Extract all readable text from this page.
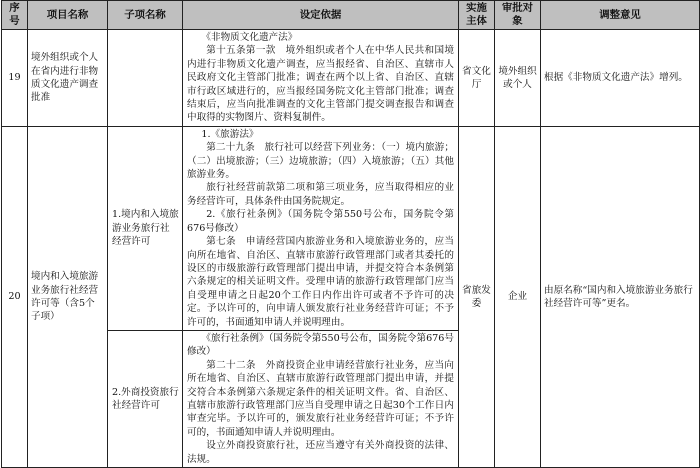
序号	项目名称	子项名称	设定依据	实施主体	审批对象	调整意见
19	境外组织或个人在省内进行非物质文化遗产调查批准		《非物质文化遗产法》
第十五条第一款　境外组织或者个人在中华人民共和国境内进行非物质文化遗产调查，应当报经省、自治区、直辖市人民政府文化主管部门批准；调查在两个以上省、自治区、直辖市行政区域进行的，应当报经国务院文化主管部门批准；调查结束后，应当向批准调查的文化主管部门提交调查报告和调查中取得的实物图片、资料复制件。	省文化厅	境外组织或个人	根据《非物质文化遗产法》增列。
20	境内和入境旅游业务旅行社经营许可等（含5个子项）	1.境内和入境旅游业务旅行社经营许可	1.《旅游法》
第二十九条　旅行社可以经营下列业务：（一）境内旅游；（二）出境旅游；（三）边境旅游；（四）入境旅游；（五）其他旅游业务。
旅行社经营前款第二项和第三项业务，应当取得相应的业务经营许可，具体条件由国务院规定。
2.《旅行社条例》（国务院令第550号公布，国务院令第676号修改）
第七条　申请经营国内旅游业务和入境旅游业务的，应当向所在地省、自治区、直辖市旅游行政管理部门或者其委托的设区的市级旅游行政管理部门提出申请，并提交符合本条例第六条规定的相关证明文件。受理申请的旅游行政管理部门应当自受理申请之日起20个工作日内作出许可或者不予许可的决定。予以许可的，向申请人颁发旅行社业务经营许可证；不予许可的，书面通知申请人并说明理由。	省旅发委	企业	由原名称“国内和入境旅游业务旅行社经营许可等”更名。
		2.外商投资旅行社经营许可	《旅行社条例》（国务院令第550号公布，国务院令第676号修改）
第二十二条　外商投资企业申请经营旅行社业务，应当向所在地省、自治区、直辖市旅游行政管理部门提出申请，并提交符合本条例第六条规定条件的相关证明文件。省、自治区、直辖市旅游行政管理部门应当自受理申请之日起30个工作日内审查完毕。予以许可的，颁发旅行社业务经营许可证；不予许可的，书面通知申请人并说明理由。
设立外商投资旅行社，还应当遵守有关外商投资的法律、法规。			
